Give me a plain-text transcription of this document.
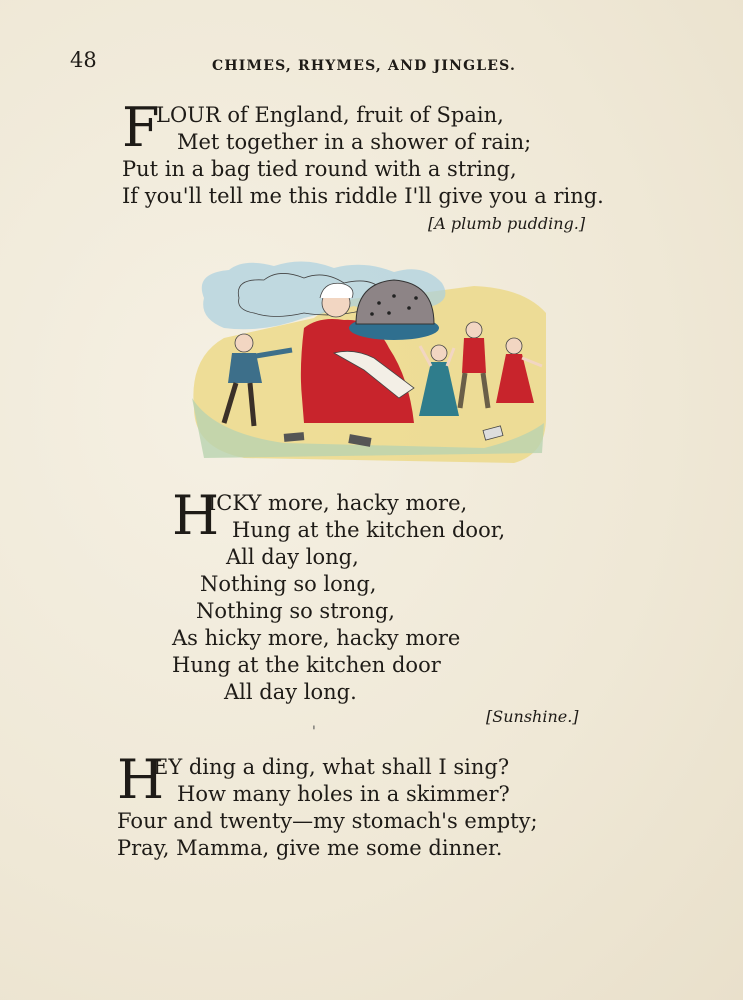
48	CHIMES, RHYMES, AND JINGLES.
F
LOUR of England, fruit of Spain,
Met together in a shower of rain;
Put in a bag tied round with a string,
If you'll tell me this riddle I'll give you a ring.
[A plumb pudding.]
H
ICKY more, hacky more,
Hung at the kitchen door,
All day long,
Nothing so long,
Nothing so strong,
As hicky more, hacky more
Hung at the kitchen door
All day long.
[Sunshine.]
'
H
EY ding a ding, what shall I sing?
How many holes in a skimmer?
Four and twenty—my stomach's empty;
Pray, Mamma, give me some dinner.
